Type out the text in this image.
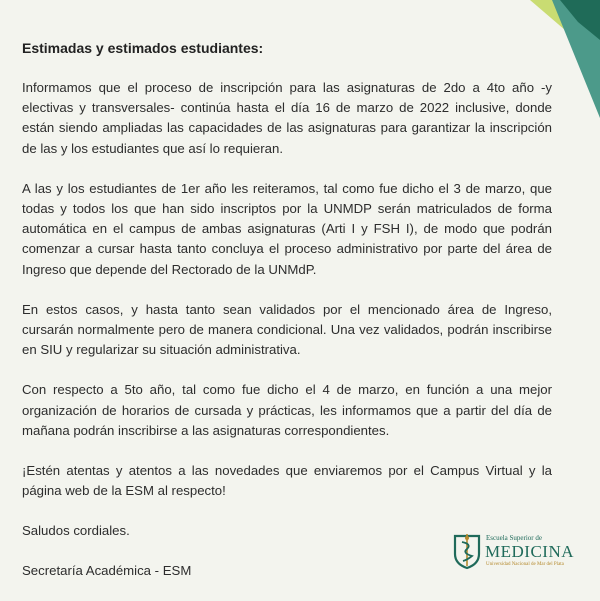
Estimadas y estimados estudiantes:

Informamos que el proceso de inscripción para las asignaturas de 2do a 4to año -y electivas y transversales- continúa hasta el día 16 de marzo de 2022 inclusive, donde están siendo ampliadas las capacidades de las asignaturas para garantizar la inscripción de las y los estudiantes que así lo requieran.

A las y los estudiantes de 1er año les reiteramos, tal como fue dicho el 3 de marzo, que todas y todos los que han sido inscriptos por la UNMDP serán matriculados de forma automática en el campus de ambas asignaturas (Arti I y FSH I), de modo que podrán comenzar a cursar hasta tanto concluya el proceso administrativo por parte del área de Ingreso que depende del Rectorado de la UNMdP.

En estos casos, y hasta tanto sean validados por el mencionado área de Ingreso, cursarán normalmente pero de manera condicional. Una vez validados, podrán inscribirse en SIU y regularizar su situación administrativa.

Con respecto a 5to año, tal como fue dicho el 4 de marzo, en función a una mejor organización de horarios de cursada y prácticas, les informamos que a partir del día de mañana podrán inscribirse a las asignaturas correspondientes.

¡Estén atentas y atentos a las novedades que enviaremos por el Campus Virtual y la página web de la ESM al respecto!

Saludos cordiales.

Secretaría Académica - ESM

Escuela Superior de
MEDICINA
Universidad Nacional de Mar del Plata
